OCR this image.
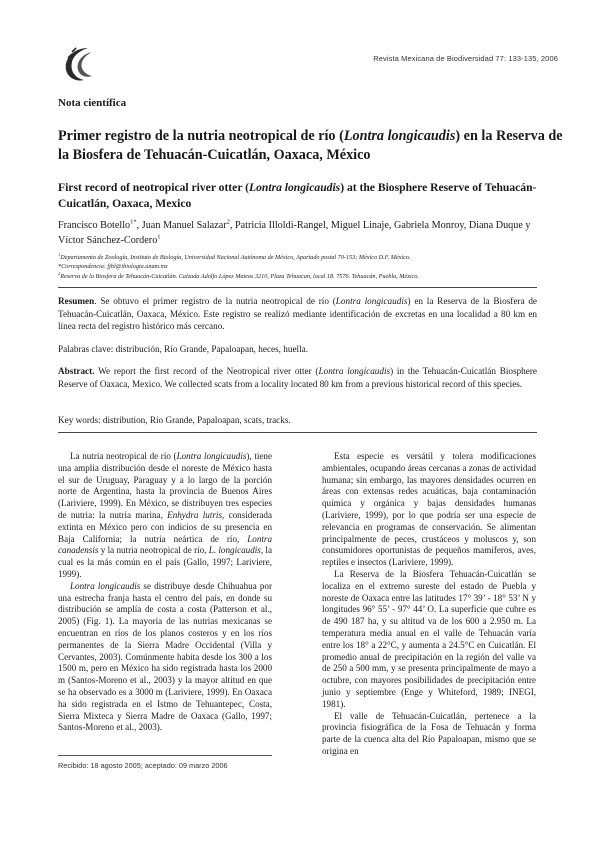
Revista Mexicana de Biodiversidad 77: 133-135, 2006
Nota científica
Primer registro de la nutria neotropical de río (Lontra longicaudis) en la Reserva de la Biosfera de Tehuacán-Cuicatlán, Oaxaca, México
First record of neotropical river otter (Lontra longicaudis) at the Biosphere Reserve of Tehuacán-Cuicatlán, Oaxaca, Mexico
Francisco Botello$^{1*}$, Juan Manuel Salazar$^2$, Patricia Illoldi-Rangel, Miguel Linaje, Gabriela Monroy, Diana Duque y Víctor Sánchez-Cordero$^1$
$^1$Departamento de Zoología, Instituto de Biología, Universidad Nacional Autónoma de México, Apartado postal 70-153; México D.F. México.
*Correspondencia: fjbl@ibiologia.unam.mx
$^2$Reserva de la Biosfera de Tehuacán-Cuicatlán. Calzada Adolfo López Mateos 3210, Plaza Tehuacan, local 18. 7576. Tehuacán, Puebla, México.
Resumen. Se obtuvo el primer registro de la nutria neotropical de río (Lontra longicaudis) en la Reserva de la Biosfera de Tehuacán-Cuicatlán, Oaxaca, México. Este registro se realizó mediante identificación de excretas en una localidad a 80 km en línea recta del registro histórico más cercano.
Palabras clave: distribución, Río Grande, Papaloapan, heces, huella.
Abstract. We report the first record of the Neotropical river otter (Lontra longicaudis) in the Tehuacán-Cuicatlán Biosphere Reserve of Oaxaca, Mexico. We collected scats from a locality located 80 km from a previous historical record of this species.
Key words: distribution, Río Grande, Papaloapan, scats, tracks.

La nutria neotropical de río (Lontra longicaudis), tiene una amplia distribución desde el noreste de México hasta el sur de Uruguay, Paraguay y a lo largo de la porción norte de Argentina, hasta la provincia de Buenos Aires (Lariviere, 1999). En México, se distribuyen tres especies de nutria: la nutria marina, Enhydra lutris, considerada extinta en México pero con indicios de su presencia en Baja California; la nutria neártica de río, Lontra canadensis y la nutria neotropical de río, L. longicaudis, la cual es la más común en el país (Gallo, 1997; Lariviere, 1999).

Lontra longicaudis se distribuye desde Chihuahua por una estrecha franja hasta el centro del país, en donde su distribución se amplía de costa a costa (Patterson et al., 2005) (Fig. 1). La mayoría de las nutrias mexicanas se encuentran en ríos de los planos costeros y en los ríos permanentes de la Sierra Madre Occidental (Villa y Cervantes, 2003). Comúnmente habita desde los 300 a los 1500 m, pero en México ha sido registrada hasta los 2000 m (Santos-Moreno et al., 2003) y la mayor altitud en que se ha observado es a 3000 m (Lariviere, 1999). En Oaxaca ha sido registrada en el Istmo de Tehuantepec, Costa, Sierra Mixteca y Sierra Madre de Oaxaca (Gallo, 1997; Santos-Moreno et al., 2003).

Esta especie es versátil y tolera modificaciones ambientales, ocupando áreas cercanas a zonas de actividad humana; sin embargo, las mayores densidades ocurren en áreas con extensas redes acuáticas, baja contaminación química y orgánica y bajas densidades humanas (Lariviere, 1999), por lo que podría ser una especie de relevancia en programas de conservación. Se alimentan principalmente de peces, crustáceos y moluscos y, son consumidores oportunistas de pequeños mamíferos, aves, reptiles e insectos (Lariviere, 1999).

La Reserva de la Biosfera Tehuacán-Cuicatlán se localiza en el extremo sureste del estado de Puebla y noreste de Oaxaca entre las latitudes 17° 39’ - 18° 53’ N y longitudes 96° 55’ - 97° 44’ O. La superficie que cubre es de 490 187 ha, y su altitud va de los 600 a 2.950 m. La temperatura media anual en el valle de Tehuacán varía entre los 18° a 22°C, y aumenta a 24.5°C en Cuicatlán. El promedio anual de precipitación en la región del valle va de 250 a 500 mm, y se presenta principalmente de mayo a octubre, con mayores posibilidades de precipitación entre junio y septiembre (Enge y Whiteford, 1989; INEGI, 1981).

El valle de Tehuacán-Cuicatlán, pertenece a la provincia fisiográfica de la Fosa de Tehuacán y forma parte de la cuenca alta del Río Papaloapan, mismo que se origina en

Recibido: 18 agosto 2005; aceptado: 09 marzo 2006
